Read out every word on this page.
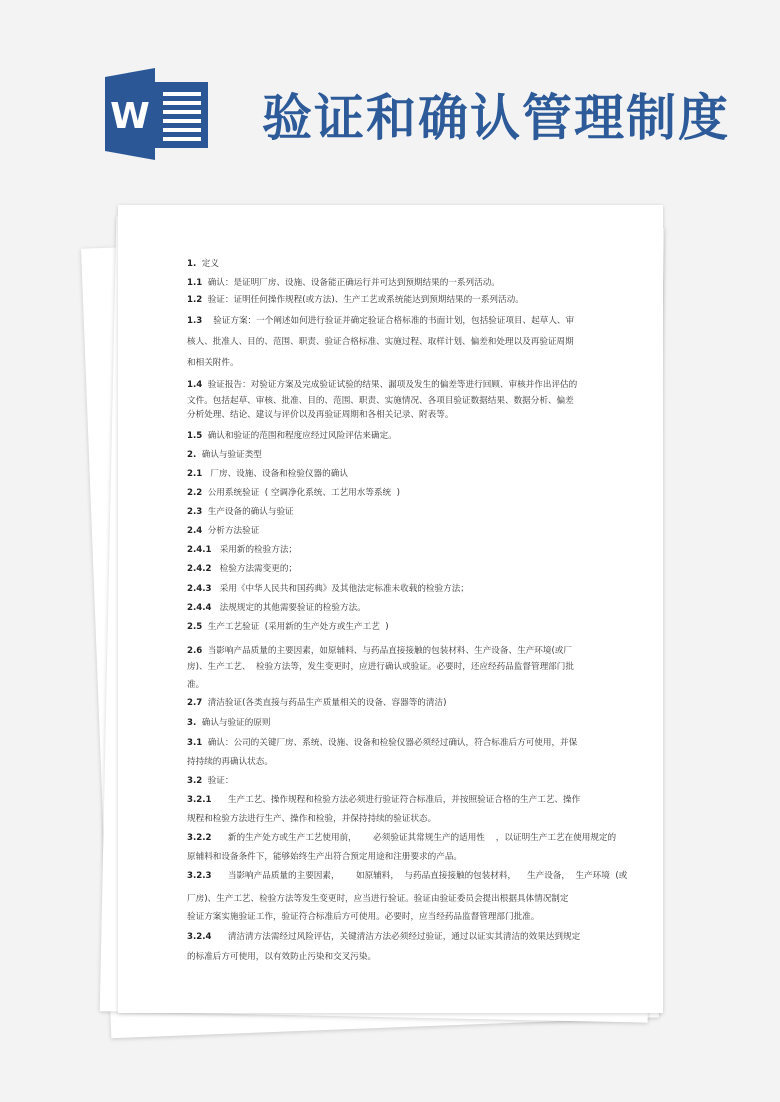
W 验证和确认管理制度
1. 定义
1.1 确认：是证明厂房、设施、设备能正确运行并可达到预期结果的一系列活动。
1.2 验证：证明任何操作规程(或方法)、生产工艺或系统能达到预期结果的一系列活动。
1.3    验证方案：一个阐述如何进行验证并确定验证合格标准的书面计划，包括验证项目、起草人、审
核人、批准人、目的、范围、职责、验证合格标准、实施过程、取样计划、偏差和处理以及再验证周期
和相关附件。
1.4 验证报告：对验证方案及完成验证试验的结果、漏项及发生的偏差等进行回顾、审核并作出评估的
文件。包括起草、审核、批准、目的、范围、职责、实施情况、各项目验证数据结果、数据分析、偏差
分析处理、结论、建议与评价以及再验证周期和各相关记录、附表等。
1.5 确认和验证的范围和程度应经过风险评估来确定。
2. 确认与验证类型
2.1   厂房、设施、设备和检验仪器的确认
2.2 公用系统验证  ( 空调净化系统、工艺用水等系统  )
2.3 生产设备的确认与验证
2.4 分析方法验证
2.4.1   采用新的检验方法；
2.4.2   检验方法需变更的；
2.4.3   采用《中华人民共和国药典》及其他法定标准未收载的检验方法；
2.4.4   法规规定的其他需要验证的检验方法。
2.5 生产工艺验证  (采用新的生产处方或生产工艺  )
2.6 当影响产品质量的主要因素，如原辅料、与药品直接接触的包装材料、生产设备、生产环境(或厂
房)、生产工艺、  检验方法等，发生变更时，应进行确认或验证。必要时，还应经药品监督管理部门批
准。
2.7 清洁验证(各类直接与药品生产质量相关的设备、容器等的清洁)
3. 确认与验证的原则
3.1 确认：公司的关键厂房、系统、设施、设备和检验仪器必须经过确认，符合标准后方可使用，并保
持持续的再确认状态。
3.2 验证：
3.2.1      生产工艺、操作规程和检验方法必须进行验证符合标准后，并按照验证合格的生产工艺、操作
规程和检验方法进行生产、操作和检验，并保持持续的验证状态。
3.2.2      新的生产处方或生产工艺使用前，      必须验证其常规生产的适用性    ，以证明生产工艺在使用规定的
原辅料和设备条件下，能够始终生产出符合预定用途和注册要求的产品。
3.2.3      当影响产品质量的主要因素，      如原辅料，  与药品直接接触的包装材料，    生产设备，  生产环境  (或
厂房)、生产工艺、检验方法等发生变更时，应当进行验证。验证由验证委员会提出根据具体情况制定
验证方案实施验证工作，验证符合标准后方可使用。必要时，应当经药品监督管理部门批准。
3.2.4      清洁清方法需经过风险评估，关键清洁方法必须经过验证，通过以证实其清洁的效果达到规定
的标准后方可使用，以有效防止污染和交叉污染。
